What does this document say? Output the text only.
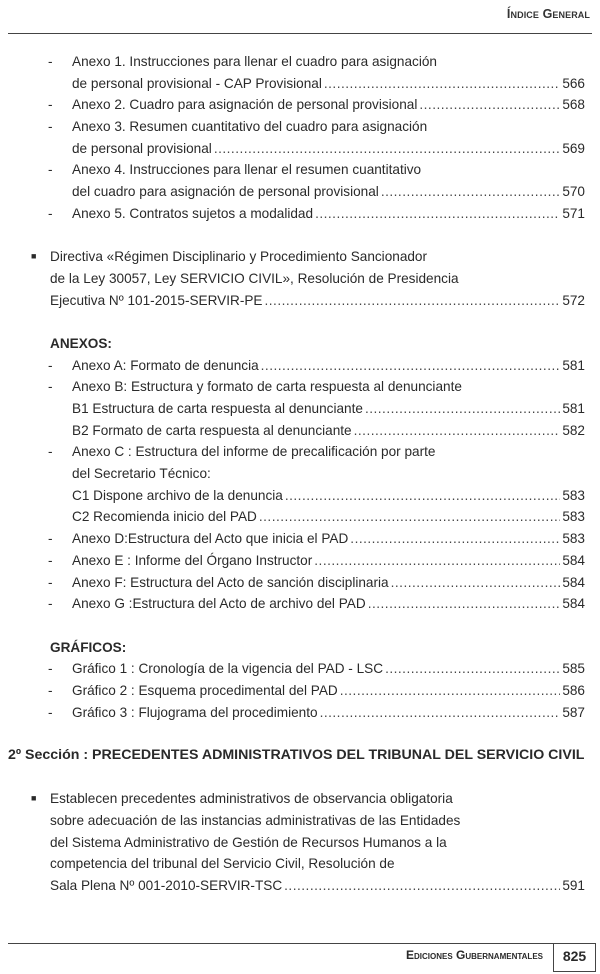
Índice General
- Anexo 1. Instrucciones para llenar el cuadro para asignación
de personal provisional - CAP Provisional .....	566
- Anexo 2. Cuadro para asignación de personal provisional .....	568
- Anexo 3. Resumen cuantitativo del cuadro para asignación
de personal provisional .....	569
- Anexo 4. Instrucciones para llenar el resumen cuantitativo
del cuadro para asignación de personal provisional .....	570
- Anexo 5. Contratos sujetos a modalidad .....	571
■ Directiva «Régimen Disciplinario y Procedimiento Sancionador
de la Ley 30057, Ley SERVICIO CIVIL», Resolución de Presidencia
Ejecutiva Nº 101-2015-SERVIR-PE .....	572
ANEXOS:
- Anexo A: Formato de denuncia .....	581
- Anexo B: Estructura y formato de carta respuesta al denunciante
B1 Estructura de carta respuesta al denunciante .....	581
B2 Formato de carta respuesta al denunciante .....	582
- Anexo C : Estructura del informe de precalificación por parte
del Secretario Técnico:
C1 Dispone archivo de la denuncia .....	583
C2 Recomienda inicio del PAD .....	583
- Anexo D:Estructura del Acto que inicia el PAD .....	583
- Anexo E : Informe del Órgano Instructor .....	584
- Anexo F: Estructura del Acto de sanción disciplinaria .....	584
- Anexo G :Estructura del Acto de archivo del PAD .....	584
GRÁFICOS:
- Gráfico 1 : Cronología de la vigencia del PAD - LSC .....	585
- Gráfico 2 : Esquema procedimental del PAD .....	586
- Gráfico 3 : Flujograma del procedimiento .....	587
2º Sección : PRECEDENTES ADMINISTRATIVOS DEL TRIBUNAL DEL SERVICIO CIVIL
■ Establecen precedentes administrativos de observancia obligatoria
sobre adecuación de las instancias administrativas de las Entidades
del Sistema Administrativo de Gestión de Recursos Humanos a la
competencia del tribunal del Servicio Civil, Resolución de
Sala Plena Nº 001-2010-SERVIR-TSC .....	591
Ediciones Gubernamentales	825
